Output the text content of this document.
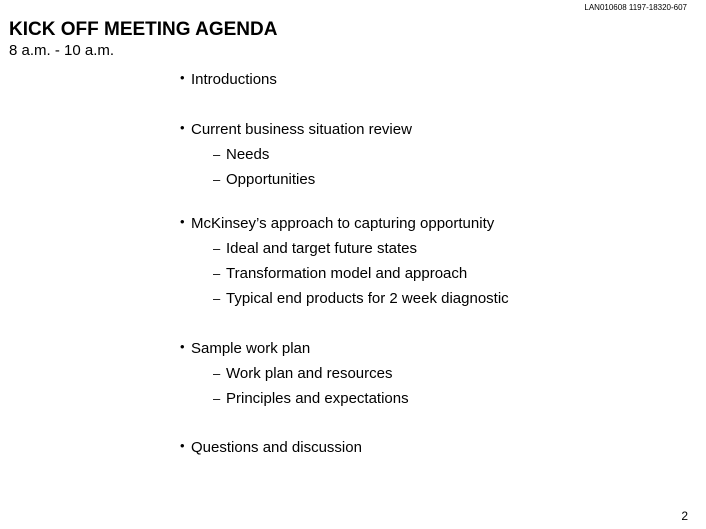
LAN010608 1197-18320-607
KICK OFF MEETING AGENDA

8 a.m. - 10 a.m.

• Introductions
• Current business situation review
– Needs
– Opportunities
• McKinsey’s approach to capturing opportunity
– Ideal and target future states
– Transformation model and approach
– Typical end products for 2 week diagnostic
• Sample work plan
– Work plan and resources
– Principles and expectations
• Questions and discussion
2
